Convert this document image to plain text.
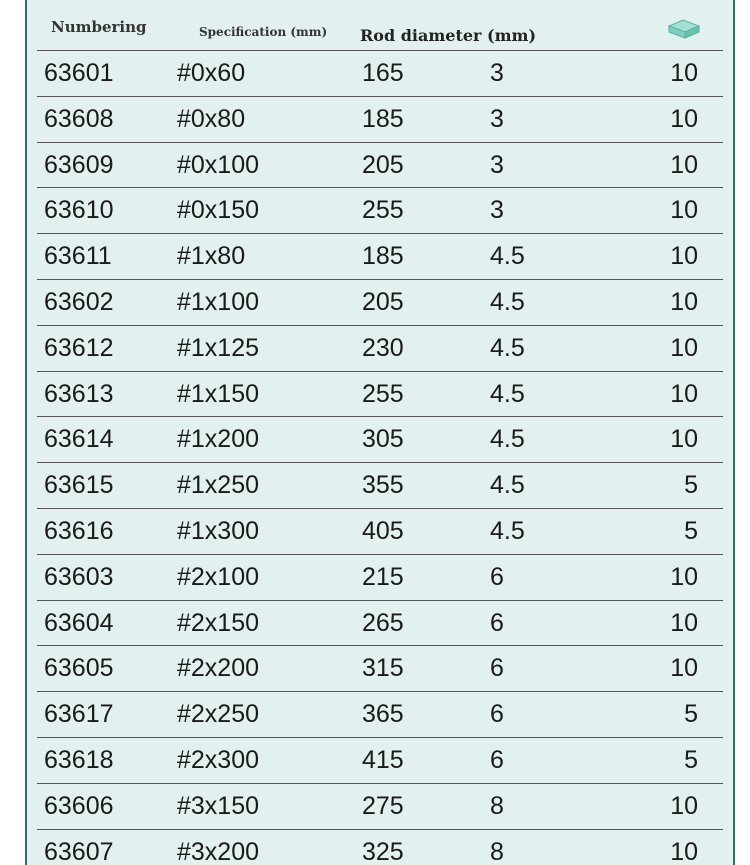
Numbering	Specification (mm) Rod diameter (mm)
63601	#0x60	165	3	10
63608	#0x80	185	3	10
63609	#0x100	205	3	10
63610	#0x150	255	3	10
63611	#1x80	185	4.5	10
63602	#1x100	205	4.5	10
63612	#1x125	230	4.5	10
63613	#1x150	255	4.5	10
63614	#1x200	305	4.5	10
63615	#1x250	355	4.5	5
63616	#1x300	405	4.5	5
63603	#2x100	215	6	10
63604	#2x150	265	6	10
63605	#2x200	315	6	10
63617	#2x250	365	6	5
63618	#2x300	415	6	5
63606	#3x150	275	8	10
63607	#3x200	325	8	10
